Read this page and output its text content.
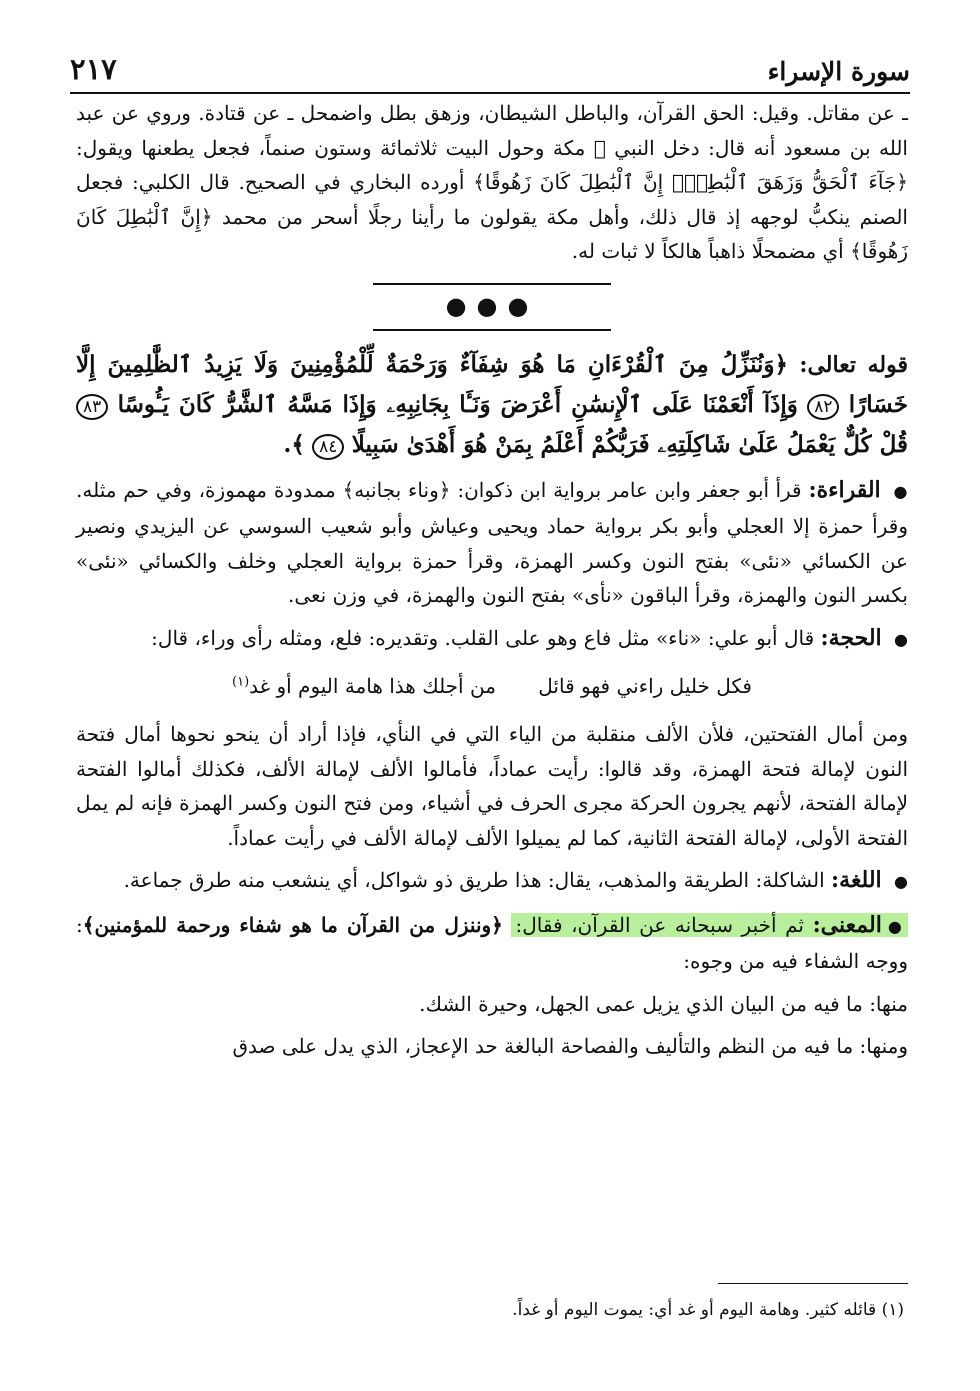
سورة الإسراء
٢١٧

ـ عن مقاتل. وقيل: الحق القرآن، والباطل الشيطان، وزهق بطل واضمحل ـ عن قتادة. وروي عن عبد الله بن مسعود أنه قال: دخل النبي ﷺ مكة وحول البيت ثلاثمائة وستون صنماً، فجعل يطعنها ويقول: ﴿جَآءَ ٱلْحَقُّ وَزَهَقَ ٱلْبَٰطِلُۚ إِنَّ ٱلْبَٰطِلَ كَانَ زَهُوقًا﴾ أورده البخاري في الصحيح. قال الكلبي: فجعل الصنم ينكبُّ لوجهه إذ قال ذلك، وأهل مكة يقولون ما رأينا رجلًا أسحر من محمد ﴿إِنَّ ٱلْبَٰطِلَ كَانَ زَهُوقًا﴾ أي مضمحلًا ذاهباً هالكاً لا ثبات له.

●●●

قوله تعالى: ﴿وَنُنَزِّلُ مِنَ ٱلْقُرْءَانِ مَا هُوَ شِفَآءٌ وَرَحْمَةٌ لِّلْمُؤْمِنِينَ وَلَا يَزِيدُ ٱلظَّٰلِمِينَ إِلَّا خَسَارًا ٨٢ وَإِذَآ أَنْعَمْنَا عَلَى ٱلْإِنسَٰنِ أَعْرَضَ وَنَـَٔا بِجَانِبِهِۦ وَإِذَا مَسَّهُ ٱلشَّرُّ كَانَ يَـُٔوسًا ٨٣ قُلْ كُلٌّ يَعْمَلُ عَلَىٰ شَاكِلَتِهِۦ فَرَبُّكُمْ أَعْلَمُ بِمَنْ هُوَ أَهْدَىٰ سَبِيلًا ٨٤ ﴾.

● القراءة: قرأ أبو جعفر وابن عامر برواية ابن ذكوان: ﴿وناء بجانبه﴾ ممدودة مهموزة، وفي حم مثله. وقرأ حمزة إلا العجلي وأبو بكر برواية حماد ويحيى وعياش وأبو شعيب السوسي عن اليزيدي ونصير عن الكسائي «نئى» بفتح النون وكسر الهمزة، وقرأ حمزة برواية العجلي وخلف والكسائي «نئى» بكسر النون والهمزة، وقرأ الباقون «نأى» بفتح النون والهمزة، في وزن نعى.

● الحجة: قال أبو علي: «ناء» مثل فاع وهو على القلب. وتقديره: فلع، ومثله رأى وراء، قال:

فكل خليل راءني فهو قائل من أجلك هذا هامة اليوم أو غد$^{(١)}$

ومن أمال الفتحتين، فلأن الألف منقلبة من الياء التي في النأي، فإذا أراد أن ينحو نحوها أمال فتحة النون لإمالة فتحة الهمزة، وقد قالوا: رأيت عماداً، فأمالوا الألف لإمالة الألف، فكذلك أمالوا الفتحة لإمالة الفتحة، لأنهم يجرون الحركة مجرى الحرف في أشياء، ومن فتح النون وكسر الهمزة فإنه لم يمل الفتحة الأولى، لإمالة الفتحة الثانية، كما لم يميلوا الألف لإمالة الألف في رأيت عماداً.

● اللغة: الشاكلة: الطريقة والمذهب، يقال: هذا طريق ذو شواكل، أي ينشعب منه طرق جماعة.

●المعنى: ثم أخبر سبحانه عن القرآن، فقال: ﴿وننزل من القرآن ما هو شفاء ورحمة للمؤمنين﴾: ووجه الشفاء فيه من وجوه:

منها: ما فيه من البيان الذي يزيل عمى الجهل، وحيرة الشك.

ومنها: ما فيه من النظم والتأليف والفصاحة البالغة حد الإعجاز، الذي يدل على صدق

(١) قائله كثير. وهامة اليوم أو غد أي: يموت اليوم أو غداً.
